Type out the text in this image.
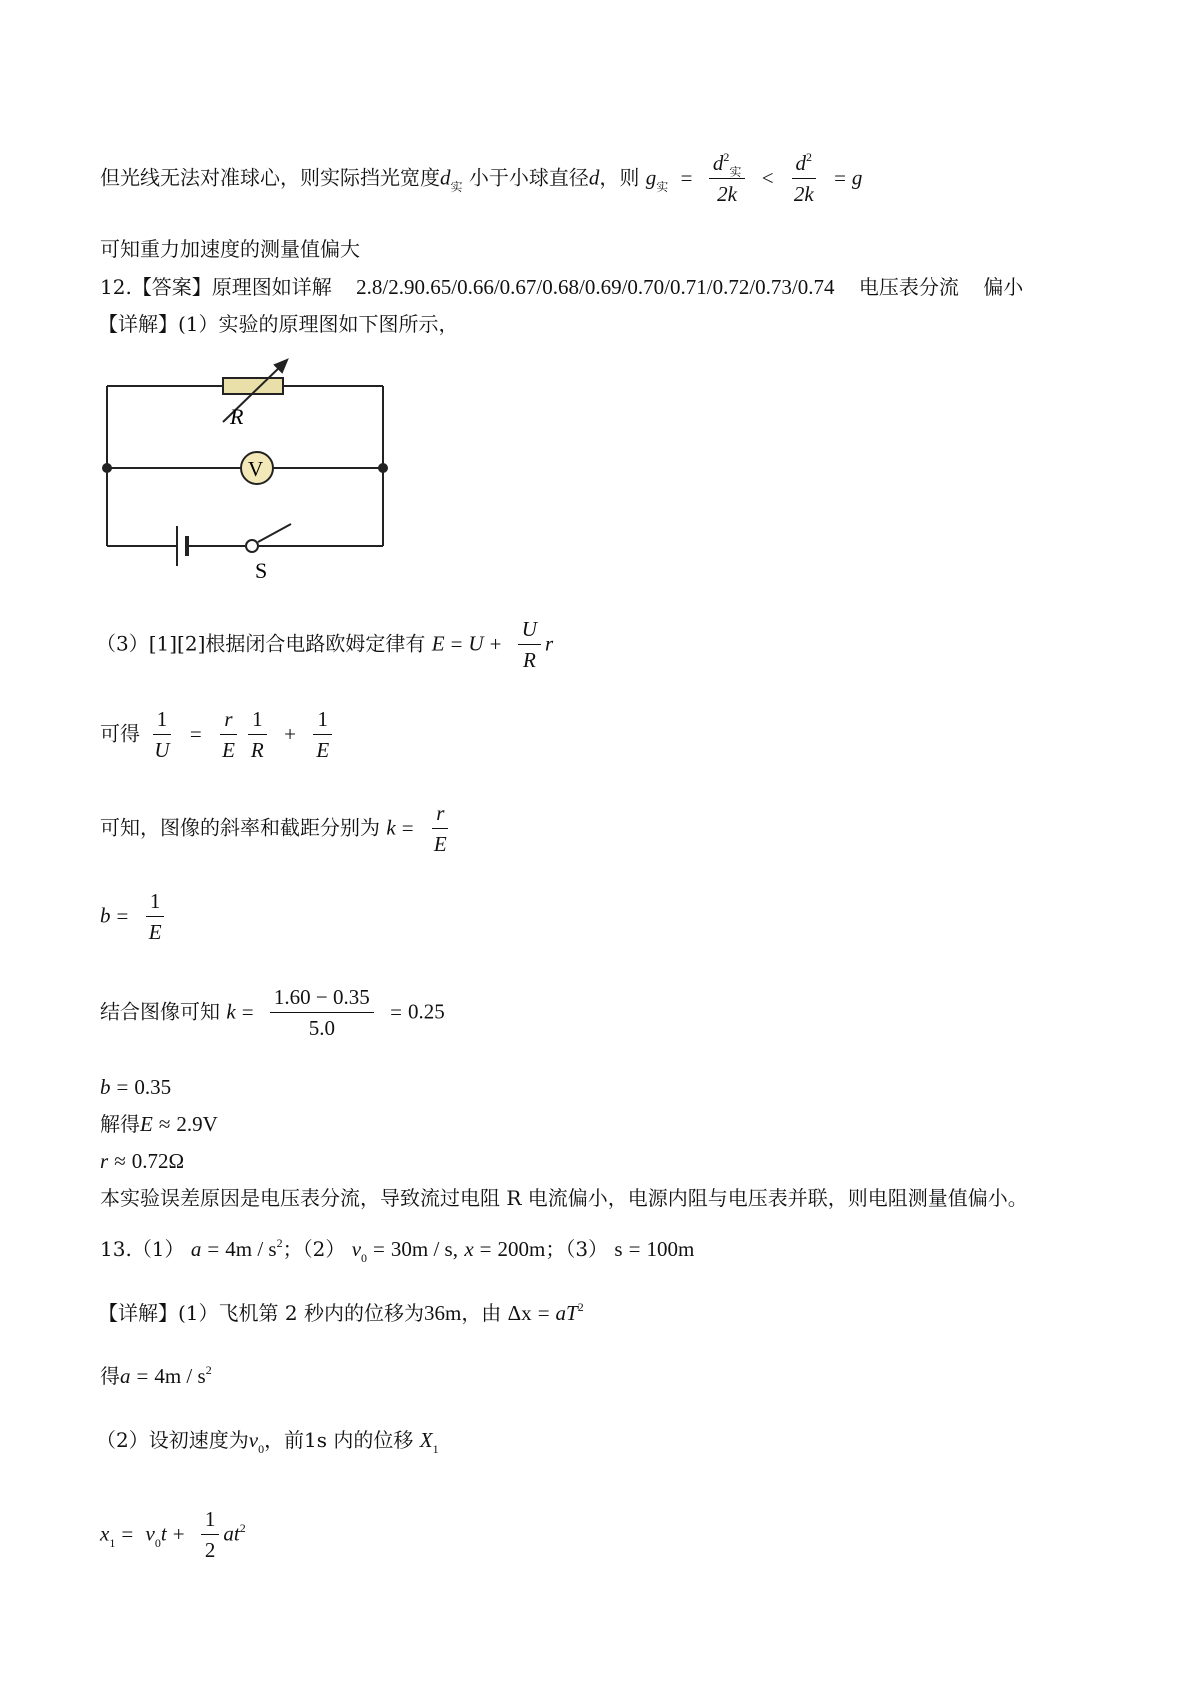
但光线无法对准球心，则实际挡光宽度$d_实$ 小于小球直径d，则 $g_实 = \frac{d^2_实}{2k} < \frac{d^2}{2k} = g$
可知重力加速度的测量值偏大
12.【答案】原理图如详解 2.8/2.90.65/0.66/0.67/0.68/0.69/0.70/0.71/0.72/0.73/0.74 电压表分流 偏小
【详解】(1）实验的原理图如下图所示，
R
V
S
（3）[1][2]根据闭合电路欧姆定律有 $E = U + \frac{U}{R}$ r
可得 $\frac{1}{U} = \frac{r}{E} \frac{1}{R} + \frac{1}{E}$
可知，图像的斜率和截距分别为 $k = \frac{r}{E}$
$b = \frac{1}{E}$
结合图像可知 $k = \frac{1.60 - 0.35}{5.0} = 0.25$
b = 0.35
解得E ≈ 2.9V
r ≈ 0.72Ω
本实验误差原因是电压表分流，导致流过电阻 R 电流偏小，电源内阻与电压表并联，则电阻测量值偏小。
13.（1） $a = 4m / s^2$；（2） $v_0 = 30m / s$, x = 200m；（3） s = 100m
【详解】(1）飞机第 2 秒内的位移为36m，由 $\Delta x = aT^2$
得$a = 4m / s^2$
（2）设初速度为$v_0$，前1s 内的位移 $X_1$
$x_1 = v_0t + \frac{1}{2} at^2$
